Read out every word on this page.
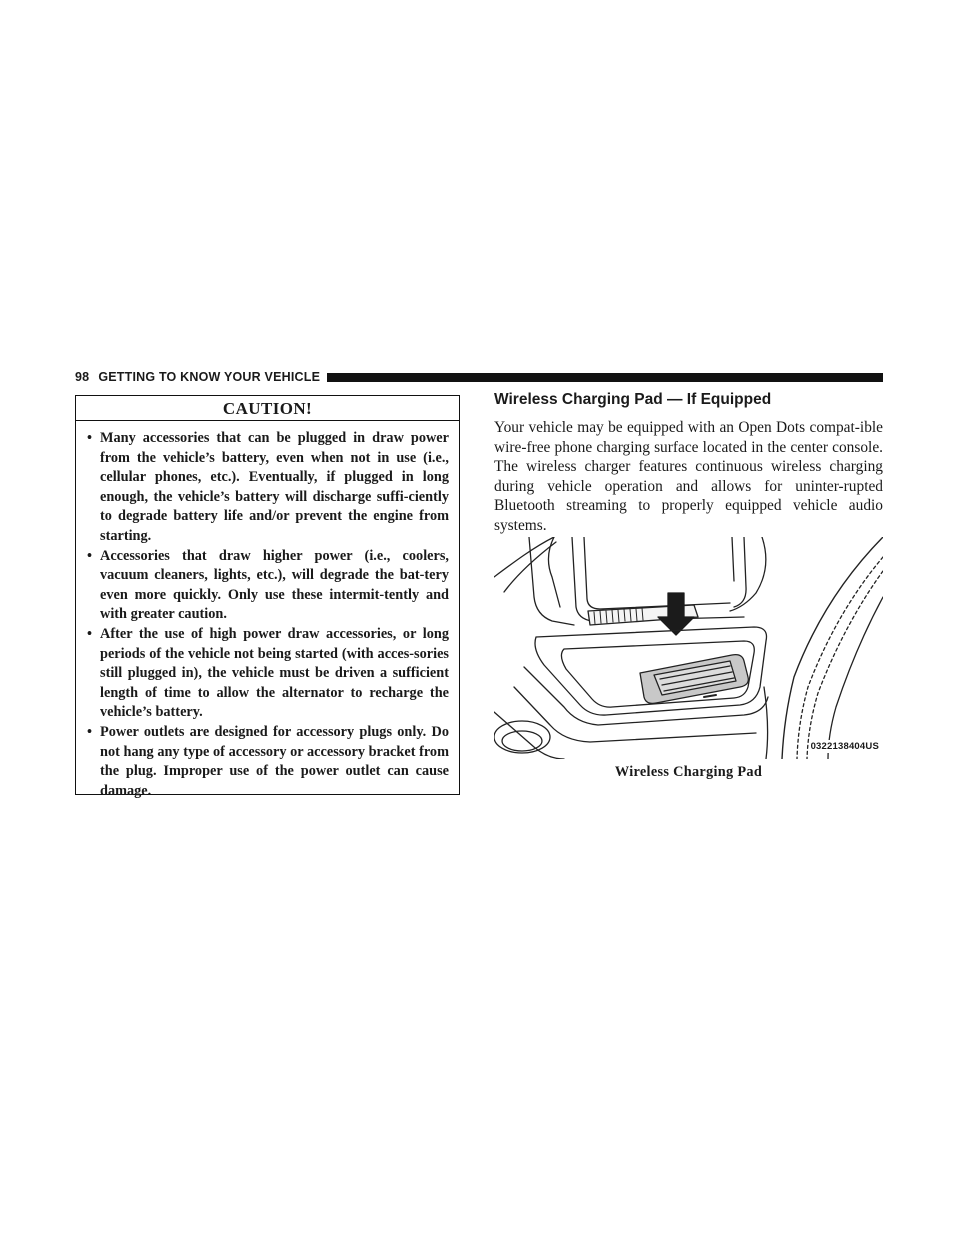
98 GETTING TO KNOW YOUR VEHICLE
CAUTION!
• Many accessories that can be plugged in draw power from the vehicle’s battery, even when not in use (i.e., cellular phones, etc.). Eventually, if plugged in long enough, the vehicle’s battery will discharge suffi-ciently to degrade battery life and/or prevent the engine from starting.
• Accessories that draw higher power (i.e., coolers, vacuum cleaners, lights, etc.), will degrade the bat-tery even more quickly. Only use these intermit-tently and with greater caution.
• After the use of high power draw accessories, or long periods of the vehicle not being started (with acces-sories still plugged in), the vehicle must be driven a sufficient length of time to allow the alternator to recharge the vehicle’s battery.
• Power outlets are designed for accessory plugs only. Do not hang any type of accessory or accessory bracket from the plug. Improper use of the power outlet can cause damage.
Wireless Charging Pad — If Equipped

Your vehicle may be equipped with an Open Dots compat-ible wire-free phone charging surface located in the center console. The wireless charger features continuous wireless charging during vehicle operation and allows for uninter-rupted Bluetooth streaming to properly equipped vehicle audio systems.

0322138404US
Wireless Charging Pad
